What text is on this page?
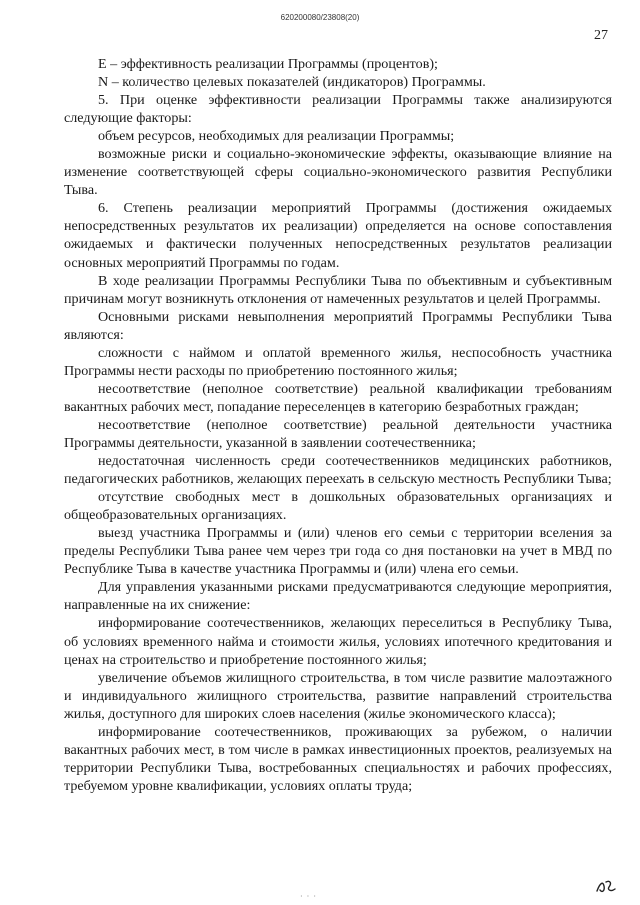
620200080/23808(20)
27

E – эффективность реализации Программы (процентов);

N – количество целевых показателей (индикаторов) Программы.

5. При оценке эффективности реализации Программы также анализируются следующие факторы:

объем ресурсов, необходимых для реализации Программы;

возможные риски и социально-экономические эффекты, оказывающие влияние на изменение соответствующей сферы социально-экономического развития Республики Тыва.

6. Степень реализации мероприятий Программы (достижения ожидаемых непосредственных результатов их реализации) определяется на основе сопоставления ожидаемых и фактически полученных непосредственных результатов реализации основных мероприятий Программы по годам.

В ходе реализации Программы Республики Тыва по объективным и субъективным причинам могут возникнуть отклонения от намеченных результатов и целей Программы.

Основными рисками невыполнения мероприятий Программы Республики Тыва являются:

сложности с наймом и оплатой временного жилья, неспособность участника Программы нести расходы по приобретению постоянного жилья;

несоответствие (неполное соответствие) реальной квалификации требованиям вакантных рабочих мест, попадание переселенцев в категорию безработных граждан;

несоответствие (неполное соответствие) реальной деятельности участника Программы деятельности, указанной в заявлении соотечественника;

недостаточная численность среди соотечественников медицинских работников, педагогических работников, желающих переехать в сельскую местность Республики Тыва;

отсутствие свободных мест в дошкольных образовательных организациях и общеобразовательных организациях.

выезд участника Программы и (или) членов его семьи с территории вселения за пределы Республики Тыва ранее чем через три года со дня постановки на учет в МВД по Республике Тыва в качестве участника Программы и (или) члена его семьи.

Для управления указанными рисками предусматриваются следующие мероприятия, направленные на их снижение:

информирование соотечественников, желающих переселиться в Республику Тыва, об условиях временного найма и стоимости жилья, условиях ипотечного кредитования и ценах на строительство и приобретение постоянного жилья;

увеличение объемов жилищного строительства, в том числе развитие малоэтажного и индивидуального жилищного строительства, развитие направлений строительства жилья, доступного для широких слоев населения (жилье экономического класса);

информирование соотечественников, проживающих за рубежом, о наличии вакантных рабочих мест, в том числе в рамках инвестиционных проектов, реализуемых на территории Республики Тыва, востребованных специальностях и рабочих профессиях, требуемом уровне квалификации, условиях оплаты труда;

· · ·
